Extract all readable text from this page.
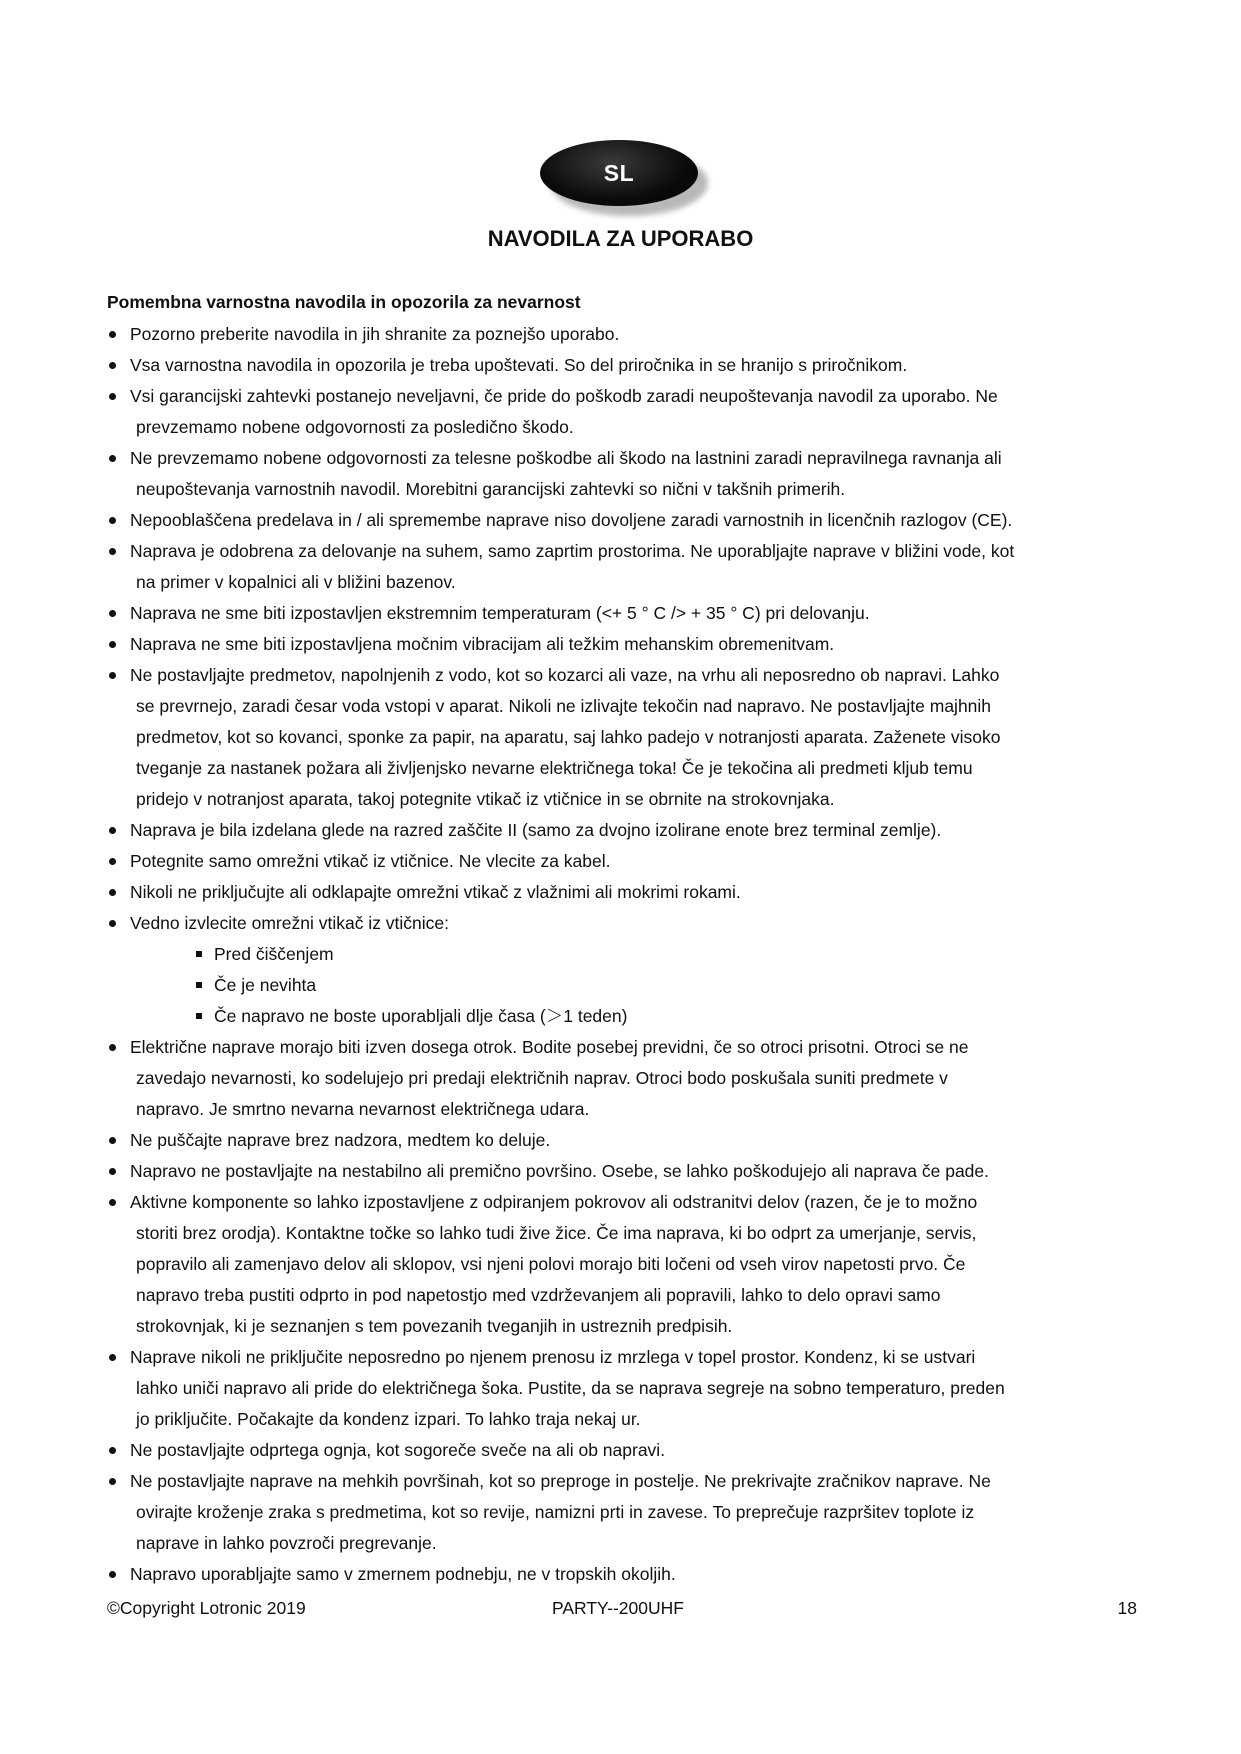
SL
NAVODILA ZA UPORABO
Pomembna varnostna navodila in opozorila za nevarnost
Pozorno preberite navodila in jih shranite za poznejšo uporabo.
Vsa varnostna navodila in opozorila je treba upoštevati. So del priročnika in se hranijo s priročnikom.
Vsi garancijski zahtevki postanejo neveljavni, če pride do poškodb zaradi neupoštevanja navodil za uporabo. Ne
prevzemamo nobene odgovornosti za posledično škodo.
Ne prevzemamo nobene odgovornosti za telesne poškodbe ali škodo na lastnini zaradi nepravilnega ravnanja ali
neupoštevanja varnostnih navodil. Morebitni garancijski zahtevki so nični v takšnih primerih.
Nepooblaščena predelava in / ali spremembe naprave niso dovoljene zaradi varnostnih in licenčnih razlogov (CE).
Naprava je odobrena za delovanje na suhem, samo zaprtim prostorima. Ne uporabljajte naprave v bližini vode, kot
na primer v kopalnici ali v bližini bazenov.
Naprava ne sme biti izpostavljen ekstremnim temperaturam (<+ 5 ° C /> + 35 ° C) pri delovanju.
Naprava ne sme biti izpostavljena močnim vibracijam ali težkim mehanskim obremenitvam.
Ne postavljajte predmetov, napolnjenih z vodo, kot so kozarci ali vaze, na vrhu ali neposredno ob napravi. Lahko
se prevrnejo, zaradi česar voda vstopi v aparat. Nikoli ne izlivajte tekočin nad napravo. Ne postavljajte majhnih
predmetov, kot so kovanci, sponke za papir, na aparatu, saj lahko padejo v notranjosti aparata. Zaženete visoko
tveganje za nastanek požara ali življenjsko nevarne električnega toka! Če je tekočina ali predmeti kljub temu
pridejo v notranjost aparata, takoj potegnite vtikač iz vtičnice in se obrnite na strokovnjaka.
Naprava je bila izdelana glede na razred zaščite II (samo za dvojno izolirane enote brez terminal zemlje).
Potegnite samo omrežni vtikač iz vtičnice. Ne vlecite za kabel.
Nikoli ne priključujte ali odklapajte omrežni vtikač z vlažnimi ali mokrimi rokami.
Vedno izvlecite omrežni vtikač iz vtičnice:
Pred čiščenjem
Če je nevihta
Če napravo ne boste uporabljali dlje časa (＞1 teden)
Električne naprave morajo biti izven dosega otrok. Bodite posebej previdni, če so otroci prisotni. Otroci se ne
zavedajo nevarnosti, ko sodelujejo pri predaji električnih naprav. Otroci bodo poskušala suniti predmete v
napravo. Je smrtno nevarna nevarnost električnega udara.
Ne puščajte naprave brez nadzora, medtem ko deluje.
Napravo ne postavljajte na nestabilno ali premično površino. Osebe, se lahko poškodujejo ali naprava če pade.
Aktivne komponente so lahko izpostavljene z odpiranjem pokrovov ali odstranitvi delov (razen, če je to možno
storiti brez orodja). Kontaktne točke so lahko tudi žive žice. Če ima naprava, ki bo odprt za umerjanje, servis,
popravilo ali zamenjavo delov ali sklopov, vsi njeni polovi morajo biti ločeni od vseh virov napetosti prvo. Če
napravo treba pustiti odprto in pod napetostjo med vzdrževanjem ali popravili, lahko to delo opravi samo
strokovnjak, ki je seznanjen s tem povezanih tveganjih in ustreznih predpisih.
Naprave nikoli ne priključite neposredno po njenem prenosu iz mrzlega v topel prostor. Kondenz, ki se ustvari
lahko uniči napravo ali pride do električnega šoka. Pustite, da se naprava segreje na sobno temperaturo, preden
jo priključite. Počakajte da kondenz izpari. To lahko traja nekaj ur.
Ne postavljajte odprtega ognja, kot sogoreče sveče na ali ob napravi.
Ne postavljajte naprave na mehkih površinah, kot so preproge in postelje. Ne prekrivajte zračnikov naprave. Ne
ovirajte kroženje zraka s predmetima, kot so revije, namizni prti in zavese. To preprečuje razpršitev toplote iz
naprave in lahko povzroči pregrevanje.
Napravo uporabljajte samo v zmernem podnebju, ne v tropskih okoljih.
©Copyright Lotronic 2019	PARTY--200UHF	18
